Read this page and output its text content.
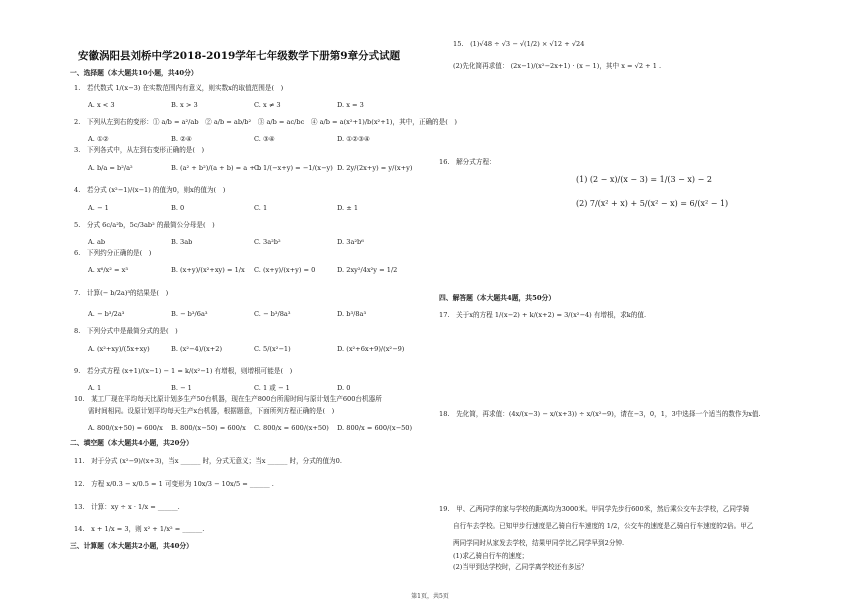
安徽涡阳县刘桥中学2018-2019学年七年级数学下册第9章分式试题
一、选择题（本大题共10小题，共40分）
1.　若代数式 1/(x−3) 在实数范围内有意义，则实数x的取值范围是(　)
A. x < 3	B. x > 3	C. x ≠ 3	D. x = 3
2.　下列从左到右的变形：① a/b = a²/ab　② a/b = ab/b²　③ a/b = ac/bc　④ a/b = a(x²+1)/b(x²+1)，其中，正确的是(　)
A. ①②	B. ②④	C. ③④	D. ①②③④
3.　下列各式中，从左到右变形正确的是(　)
A. b/a = b²/a²	B. (a² + b²)/(a + b) = a + b
C. 1/(−x+y) = −1/(x−y) D. 2y/(2x+y) = y/(x+y)
4.　若分式 (x²−1)/(x−1) 的值为0，则x的值为(　)
A. − 1	B. 0	C. 1	D. ± 1
5.　分式 6c/a²b，5c/3ab² 的最简公分母是(　)
A. ab	B. 3ab	C. 3a²b²	D. 3a²b⁶
6.　下列约分正确的是(　)
A. x⁶/x² = x³	B. (x+y)/(x²+xy) = 1/x C. (x+y)/(x+y) = 0	D. 2xy²/4x²y = 1/2
7.　计算(− b/2a)³的结果是(　)
A. − b³/2a³	B. − b³/6a³	C. − b³/8a³	D. b³/8a³
8.　下列分式中是最简分式的是(　)
A. (x²+xy)/(5x+xy)	B. (x²−4)/(x+2)	C. 5/(x²−1)	D. (x²+6x+9)/(x²−9)
9.　若分式方程 (x+1)/(x−1) − 1 = k/(x²−1) 有增根，则增根可能是(　)
A. 1	B. − 1	C. 1 或 − 1	D. 0
10.　某工厂现在平均每天比原计划多生产50台机器，现在生产800台所需时间与原计划生产600台机器所
需时间相同。设原计划平均每天生产x台机器，根据题意，下面所列方程正确的是(　)
A. 800/(x+50) = 600/x B. 800/(x−50) = 600/x C. 800/x = 600/(x+50) D. 800/x = 600/(x−50)
二、填空题（本大题共4小题，共20分）
11.　对于分式 (x²−9)/(x+3)，当x ______ 时，分式无意义；当x ______ 时，分式的值为0.
12.　方程 x/0.3 − x/0.5 = 1 可变形为 10x/3 − 10x/5 = ______ .
13.　计算：xy ÷ x · 1/x = ______.
14.　x + 1/x = 3，则 x² + 1/x² = ______.
三、计算题（本大题共2小题，共40分）
15.　(1)√48 ÷ √3 − √(1/2) × √12 + √24
(2)先化简再求值： (2x−1)/(x²−2x+1) · (x − 1)，其中 x = √2 + 1 .
16.　解分式方程：
(1) (2 − x)/(x − 3) = 1/(3 − x) − 2
(2) 7/(x² + x) + 5/(x² − x) = 6/(x² − 1)
四、解答题（本大题共4题，共50分）
17.　关于x的方程 1/(x−2) + k/(x+2) = 3/(x²−4) 有增根，求k的值.
18.　先化简，再求值：(4x/(x−3) − x/(x+3)) ÷ x/(x²−9)，请在−3，0，1，3中选择一个适当的数作为x值.
19.　甲、乙两同学的家与学校的距离均为3000米。甲同学先步行600米，然后乘公交车去学校，乙同学骑
自行车去学校。已知甲步行速度是乙骑自行车速度的 1/2，公交车的速度是乙骑自行车速度的2倍。甲乙
两同学同时从家发去学校，结果甲同学比乙同学早到2分钟.
(1)求乙骑自行车的速度；
(2)当甲到达学校时，乙同学离学校还有多远？
第1页，共5页
